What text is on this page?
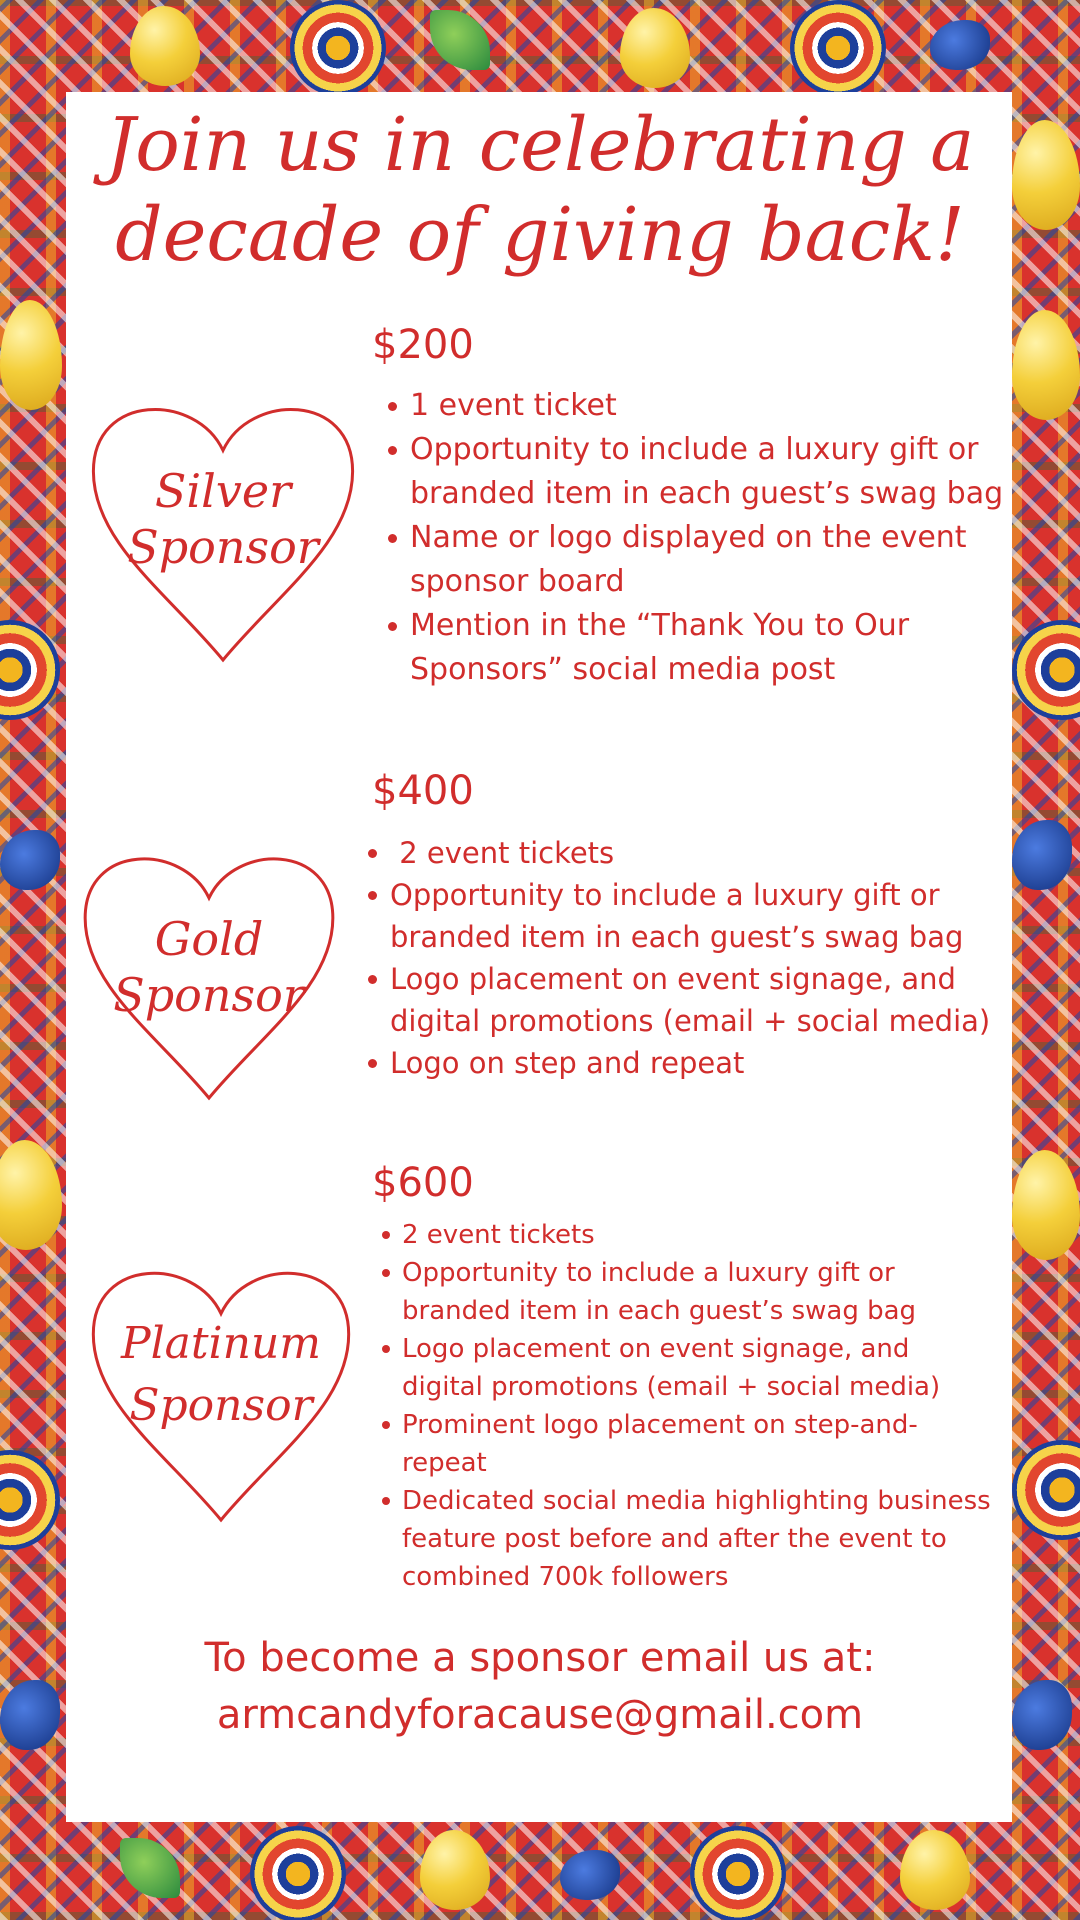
Join us in celebrating a
decade of giving back!
Silver
Sponsor
Gold
Sponsor
Platinum
Sponsor
$200
1 event ticket
Opportunity to include a luxury gift or branded item in each guest’s swag bag
Name or logo displayed on the event sponsor board
Mention in the “Thank You to Our Sponsors” social media post
$400
2 event tickets
Opportunity to include a luxury gift or branded item in each guest’s swag bag
Logo placement on event signage, and digital promotions (email + social media)
Logo on step and repeat
$600
2 event tickets
Opportunity to include a luxury gift or branded item in each guest’s swag bag
Logo placement on event signage, and digital promotions (email + social media)
Prominent logo placement on step-and-repeat
Dedicated social media highlighting business feature post before and after the event to combined 700k followers
To become a sponsor email us at:
armcandyforacause@gmail.com
